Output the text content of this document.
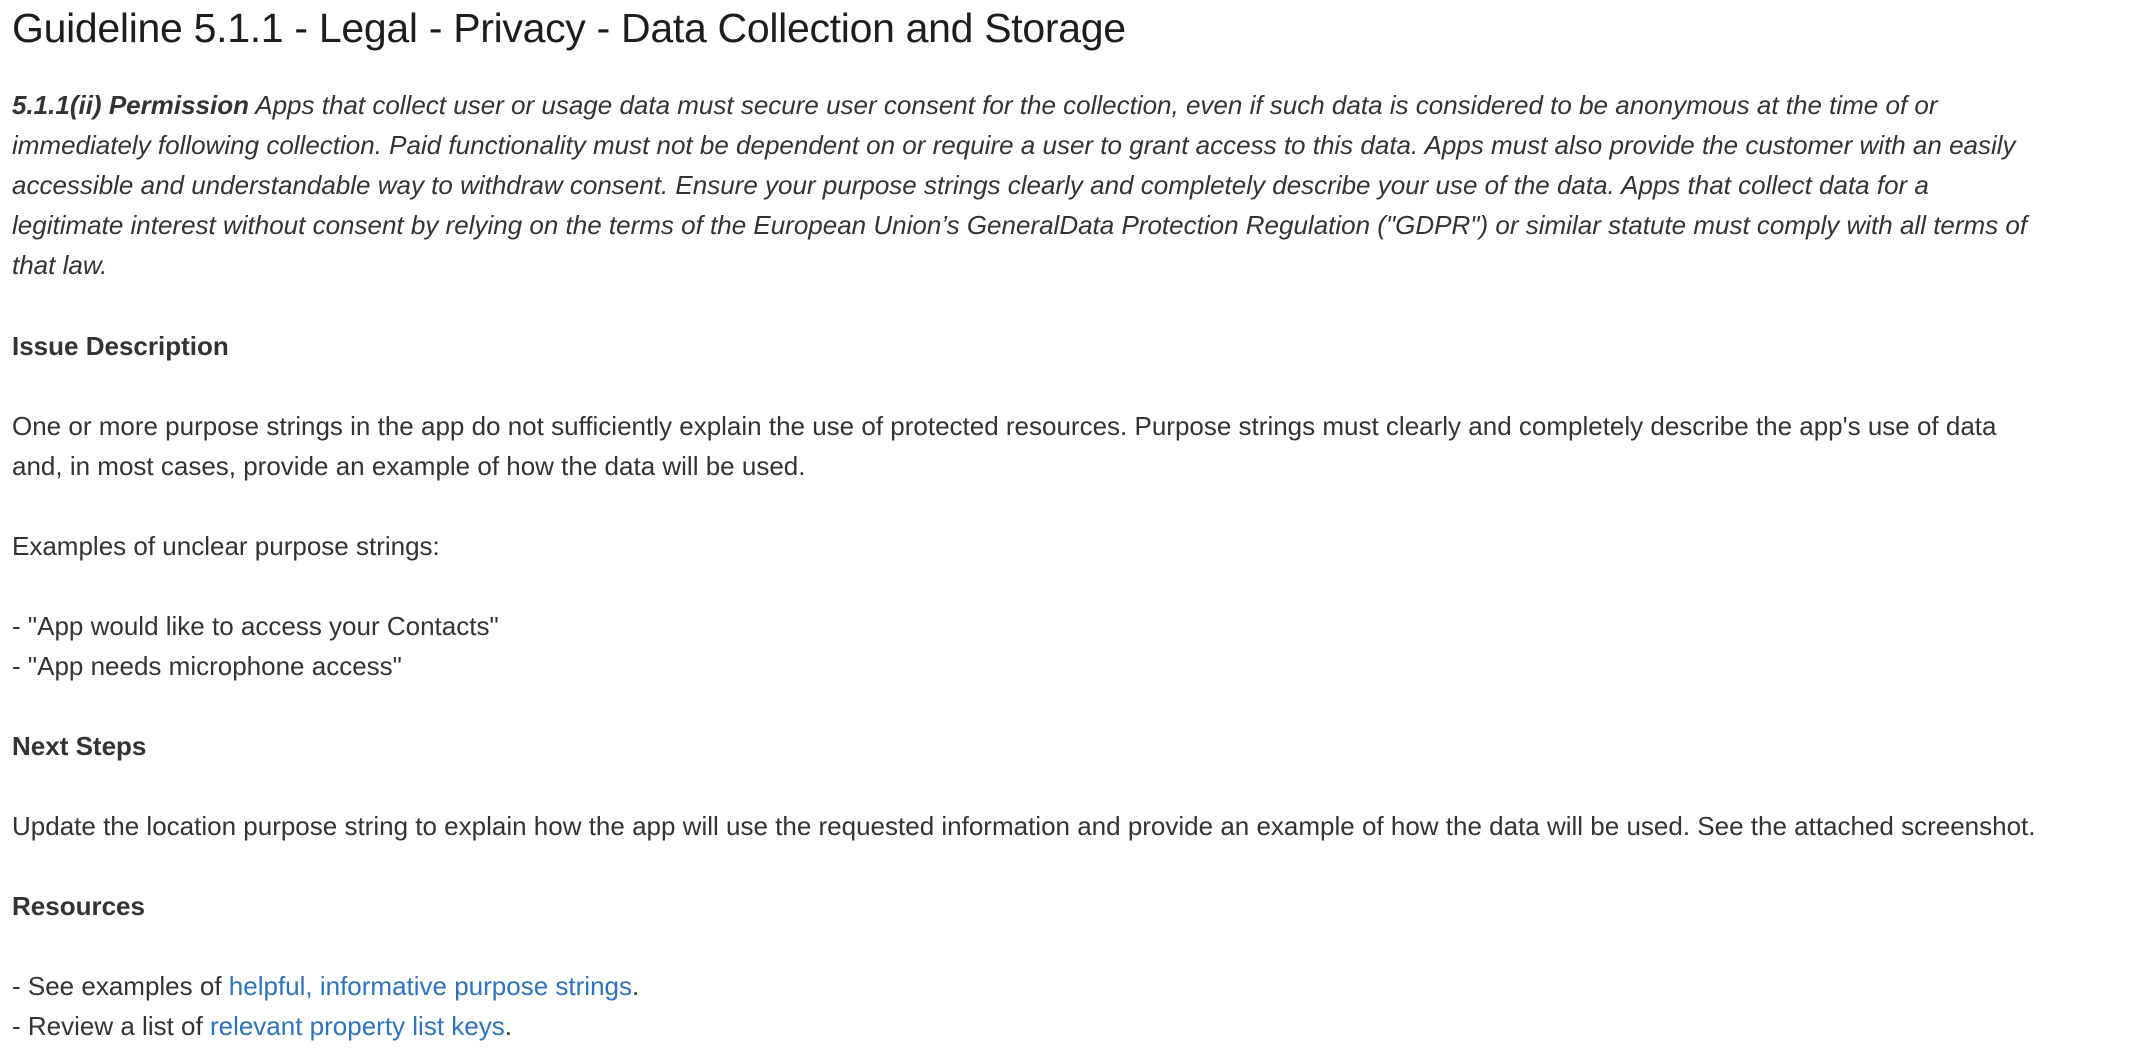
Guideline 5.1.1 - Legal - Privacy - Data Collection and Storage
5.1.1(ii) Permission Apps that collect user or usage data must secure user consent for the collection, even if such data is considered to be anonymous at the time of or
immediately following collection. Paid functionality must not be dependent on or require a user to grant access to this data. Apps must also provide the customer with an easily
accessible and understandable way to withdraw consent. Ensure your purpose strings clearly and completely describe your use of the data. Apps that collect data for a
legitimate interest without consent by relying on the terms of the European Union’s GeneralData Protection Regulation ("GDPR") or similar statute must comply with all terms of
that law.
Issue Description
One or more purpose strings in the app do not sufficiently explain the use of protected resources. Purpose strings must clearly and completely describe the app's use of data
and, in most cases, provide an example of how the data will be used.
Examples of unclear purpose strings:
- "App would like to access your Contacts"
- "App needs microphone access"
Next Steps
Update the location purpose string to explain how the app will use the requested information and provide an example of how the data will be used. See the attached screenshot.
Resources
- See examples of helpful, informative purpose strings.
- Review a list of relevant property list keys.
